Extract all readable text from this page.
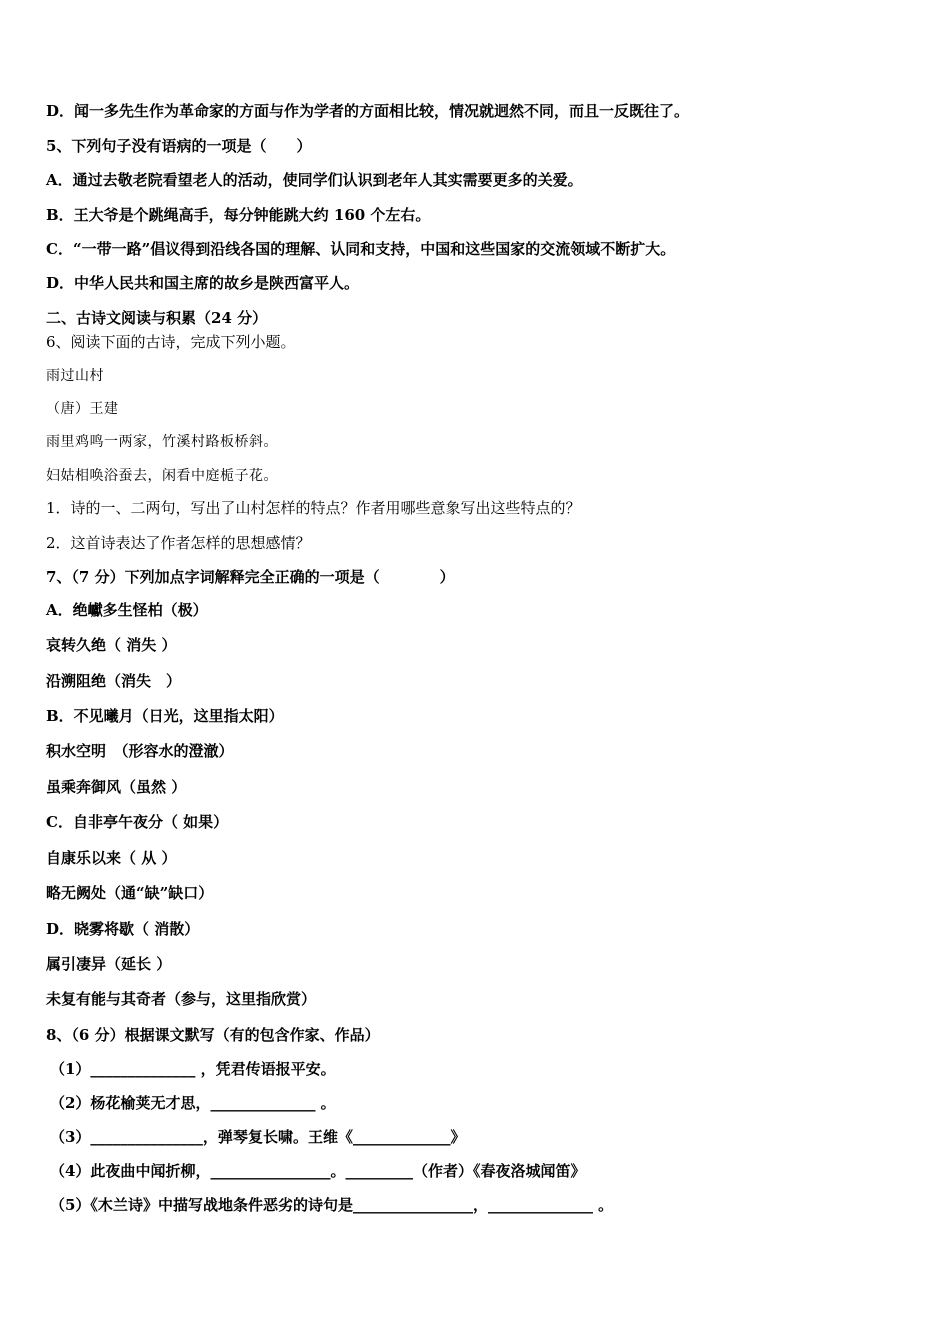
D．闻一多先生作为革命家的方面与作为学者的方面相比较，情况就迥然不同，而且一反既往了。
5、下列句子没有语病的一项是（　　）
A．通过去敬老院看望老人的活动，使同学们认识到老年人其实需要更多的关爱。
B．王大爷是个跳绳高手，每分钟能跳大约 160 个左右。
C．“一带一路”倡议得到沿线各国的理解、认同和支持，中国和这些国家的交流领域不断扩大。
D．中华人民共和国主席的故乡是陕西富平人。
二、古诗文阅读与积累（24 分）
6、阅读下面的古诗，完成下列小题。
雨过山村
（唐）王建
雨里鸡鸣一两家，竹溪村路板桥斜。
妇姑相唤浴蚕去，闲看中庭栀子花。
1．诗的一、二两句，写出了山村怎样的特点？作者用哪些意象写出这些特点的？
2．这首诗表达了作者怎样的思想感情？
7、（7 分）下列加点字词解释完全正确的一项是（　　　　）
A．绝巘多生怪柏（极）
哀转久绝（ 消失 ）
沿溯阻绝（消失　）
B．不见曦月（日光，这里指太阳）
积水空明　（形容水的澄澈）
虽乘奔御风（虽然 ）
C．自非亭午夜分（ 如果）
自康乐以来（ 从 ）
略无阙处（通“缺”缺口）
D．晓雾将歇（ 消散）
属引凄异（延长 ）
未复有能与其奇者（参与，这里指欣赏）
8、（6 分）根据课文默写（有的包含作家、作品）
（1）______________ ，凭君传语报平安。
（2）杨花榆荚无才思，______________ 。
（3）_______________，弹琴复长啸。王维《_____________》
（4）此夜曲中闻折柳，________________。_________（作者）《春夜洛城闻笛》
（5）《木兰诗》中描写战地条件恶劣的诗句是________________，______________ 。
